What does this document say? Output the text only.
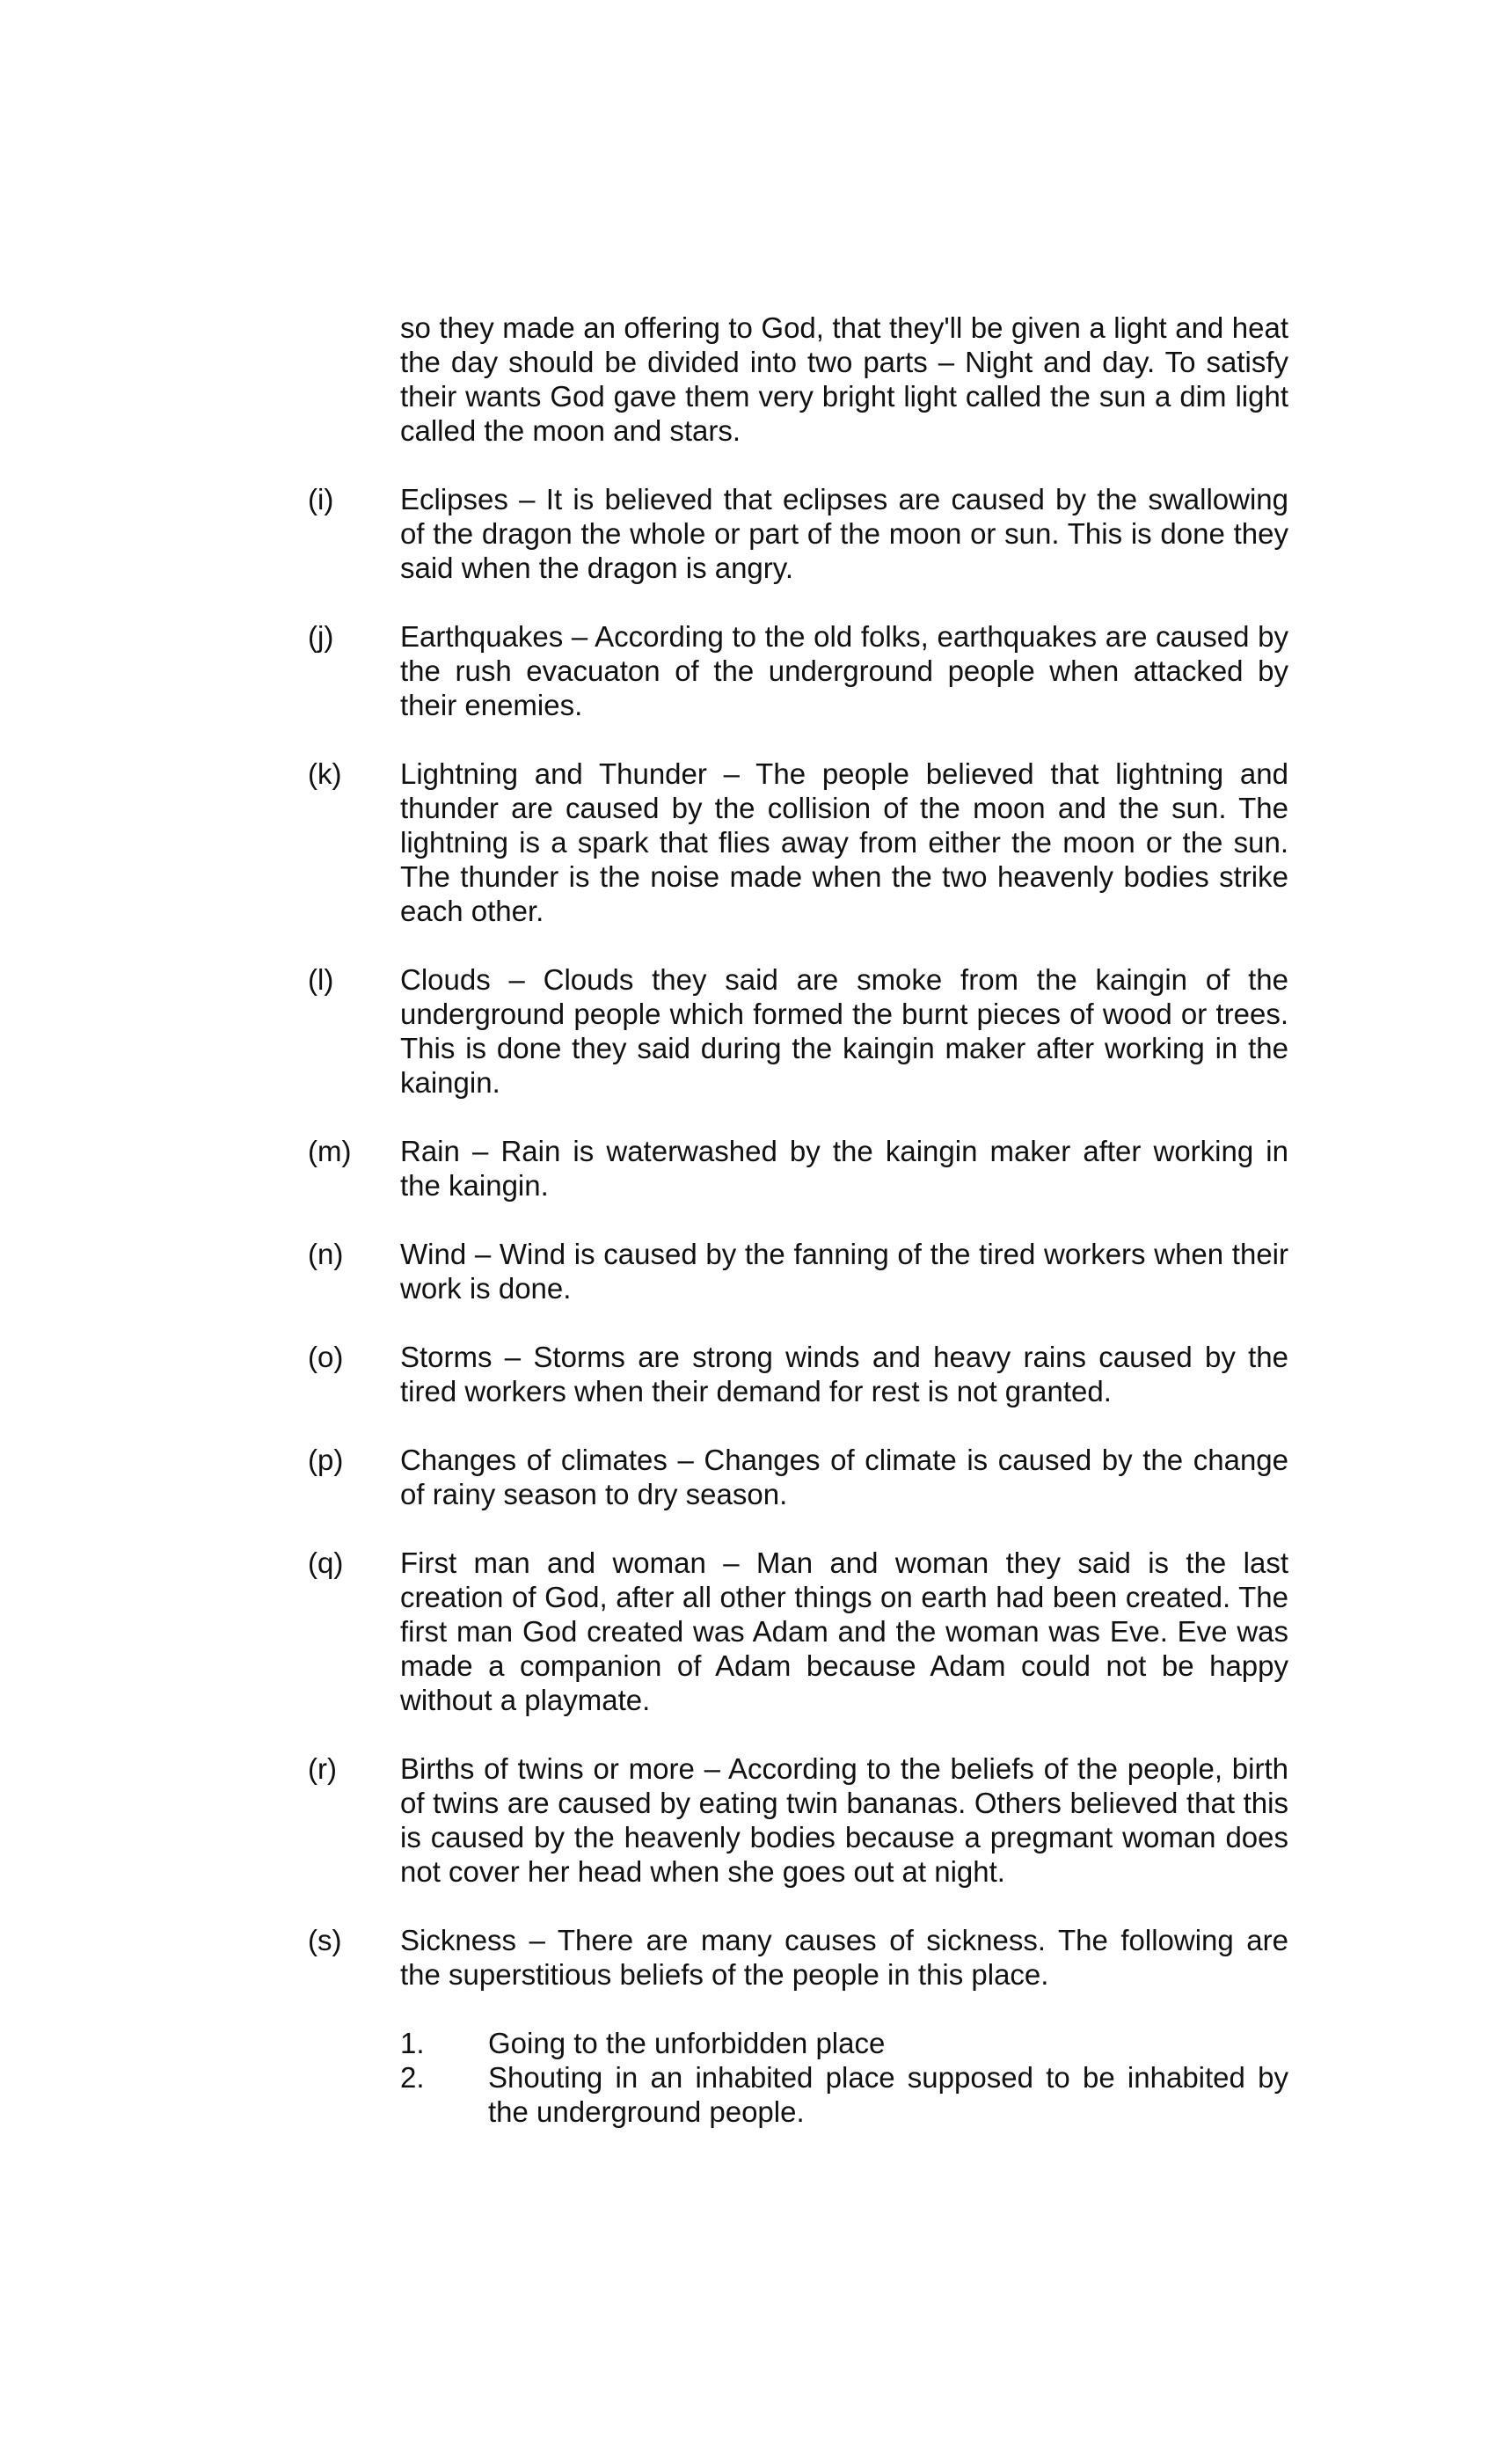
so they made an offering to God, that they'll be given a light and heat the day should be divided into two parts – Night and day. To satisfy their wants God gave them very bright light called the sun a dim light called the moon and stars.
(i)	Eclipses – It is believed that eclipses are caused by the swallowing of the dragon the whole or part of the moon or sun. This is done they said when the dragon is angry.
(j)	Earthquakes – According to the old folks, earthquakes are caused by the rush evacuaton of the underground people when attacked by their enemies.
(k)	Lightning and Thunder – The people believed that lightning and thunder are caused by the collision of the moon and the sun. The lightning is a spark that flies away from either the moon or the sun. The thunder is the noise made when the two heavenly bodies strike each other.
(l)	Clouds – Clouds they said are smoke from the kaingin of the underground people which formed the burnt pieces of wood or trees. This is done they said during the kaingin maker after working in the kaingin.
(m)	Rain – Rain is waterwashed by the kaingin maker after working in the kaingin.
(n)	Wind – Wind is caused by the fanning of the tired workers when their work is done.
(o)	Storms – Storms are strong winds and heavy rains caused by the tired workers when their demand for rest is not granted.
(p)	Changes of climates – Changes of climate is caused by the change of rainy season to dry season.
(q)	First man and woman – Man and woman they said is the last creation of God, after all other things on earth had been created. The first man God created was Adam and the woman was Eve. Eve was made a companion of Adam because Adam could not be happy without a playmate.
(r)	Births of twins or more – According to the beliefs of the people, birth of twins are caused by eating twin bananas. Others believed that this is caused by the heavenly bodies because a pregmant woman does not cover her head when she goes out at night.
(s)	Sickness – There are many causes of sickness. The following are the superstitious beliefs of the people in this place.
1.	Going to the unforbidden place
2.	Shouting in an inhabited place supposed to be inhabited by the underground people.
